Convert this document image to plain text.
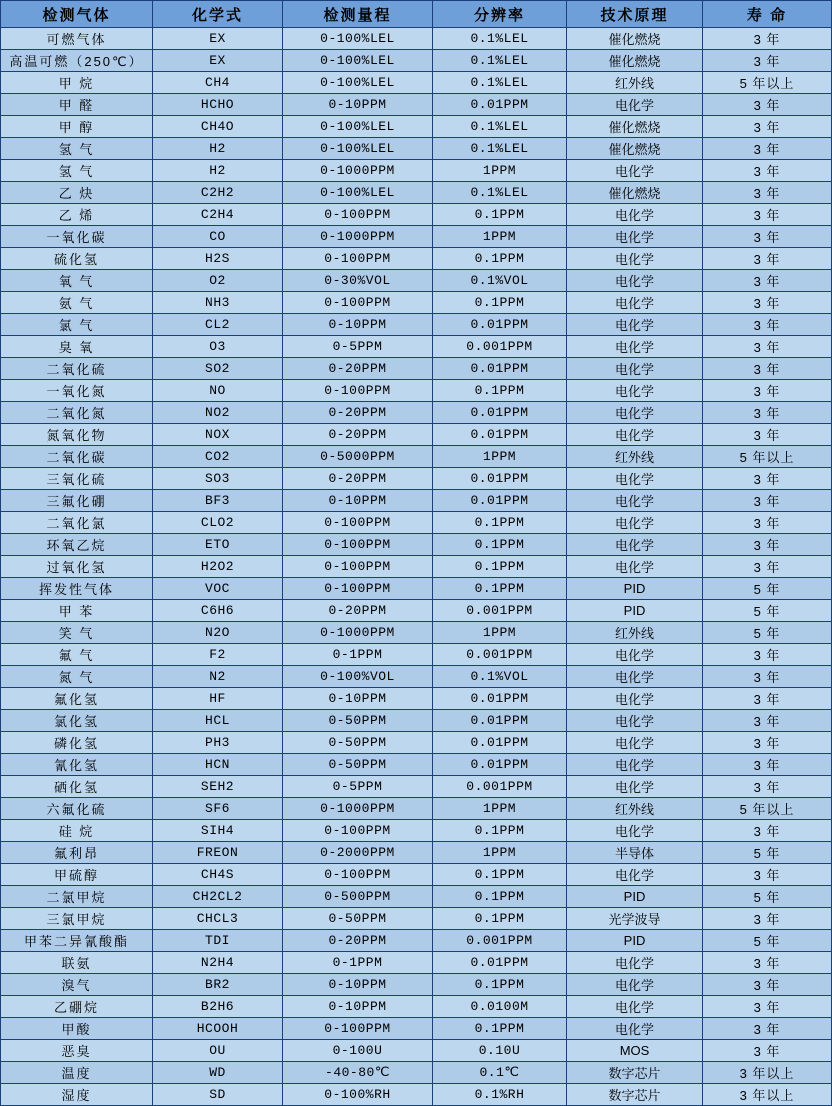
检测气体	化学式	检测量程	分辨率	技术原理	寿 命
可燃气体	EX	0-100%LEL	0.1%LEL	催化燃烧	3 年
高温可燃（250℃）	EX	0-100%LEL	0.1%LEL	催化燃烧	3 年
甲 烷	CH4	0-100%LEL	0.1%LEL	红外线	5 年以上
甲 醛	HCHO	0-10PPM	0.01PPM	电化学	3 年
甲 醇	CH4O	0-100%LEL	0.1%LEL	催化燃烧	3 年
氢 气	H2	0-100%LEL	0.1%LEL	催化燃烧	3 年
氢 气	H2	0-1000PPM	1PPM	电化学	3 年
乙 炔	C2H2	0-100%LEL	0.1%LEL	催化燃烧	3 年
乙 烯	C2H4	0-100PPM	0.1PPM	电化学	3 年
一氧化碳	CO	0-1000PPM	1PPM	电化学	3 年
硫化氢	H2S	0-100PPM	0.1PPM	电化学	3 年
氧 气	O2	0-30%VOL	0.1%VOL	电化学	3 年
氨 气	NH3	0-100PPM	0.1PPM	电化学	3 年
氯 气	CL2	0-10PPM	0.01PPM	电化学	3 年
臭 氧	O3	0-5PPM	0.001PPM	电化学	3 年
二氧化硫	SO2	0-20PPM	0.01PPM	电化学	3 年
一氧化氮	NO	0-100PPM	0.1PPM	电化学	3 年
二氧化氮	NO2	0-20PPM	0.01PPM	电化学	3 年
氮氧化物	NOX	0-20PPM	0.01PPM	电化学	3 年
二氧化碳	CO2	0-5000PPM	1PPM	红外线	5 年以上
三氧化硫	SO3	0-20PPM	0.01PPM	电化学	3 年
三氟化硼	BF3	0-10PPM	0.01PPM	电化学	3 年
二氧化氯	CLO2	0-100PPM	0.1PPM	电化学	3 年
环氧乙烷	ETO	0-100PPM	0.1PPM	电化学	3 年
过氧化氢	H2O2	0-100PPM	0.1PPM	电化学	3 年
挥发性气体	VOC	0-100PPM	0.1PPM	PID	5 年
甲 苯	C6H6	0-20PPM	0.001PPM	PID	5 年
笑 气	N2O	0-1000PPM	1PPM	红外线	5 年
氟 气	F2	0-1PPM	0.001PPM	电化学	3 年
氮 气	N2	0-100%VOL	0.1%VOL	电化学	3 年
氟化氢	HF	0-10PPM	0.01PPM	电化学	3 年
氯化氢	HCL	0-50PPM	0.01PPM	电化学	3 年
磷化氢	PH3	0-50PPM	0.01PPM	电化学	3 年
氰化氢	HCN	0-50PPM	0.01PPM	电化学	3 年
硒化氢	SEH2	0-5PPM	0.001PPM	电化学	3 年
六氟化硫	SF6	0-1000PPM	1PPM	红外线	5 年以上
硅 烷	SIH4	0-100PPM	0.1PPM	电化学	3 年
氟利昂	FREON	0-2000PPM	1PPM	半导体	5 年
甲硫醇	CH4S	0-100PPM	0.1PPM	电化学	3 年
二氯甲烷	CH2CL2	0-500PPM	0.1PPM	PID	5 年
三氯甲烷	CHCL3	0-50PPM	0.1PPM	光学波导	3 年
甲苯二异氰酸酯	TDI	0-20PPM	0.001PPM	PID	5 年
联氨	N2H4	0-1PPM	0.01PPM	电化学	3 年
溴气	BR2	0-10PPM	0.1PPM	电化学	3 年
乙硼烷	B2H6	0-10PPM	0.0100M	电化学	3 年
甲酸	HCOOH	0-100PPM	0.1PPM	电化学	3 年
恶臭	OU	0-100U	0.10U	MOS	3 年
温度	WD	-40-80℃	0.1℃	数字芯片	3 年以上
湿度	SD	0-100%RH	0.1%RH	数字芯片	3 年以上
